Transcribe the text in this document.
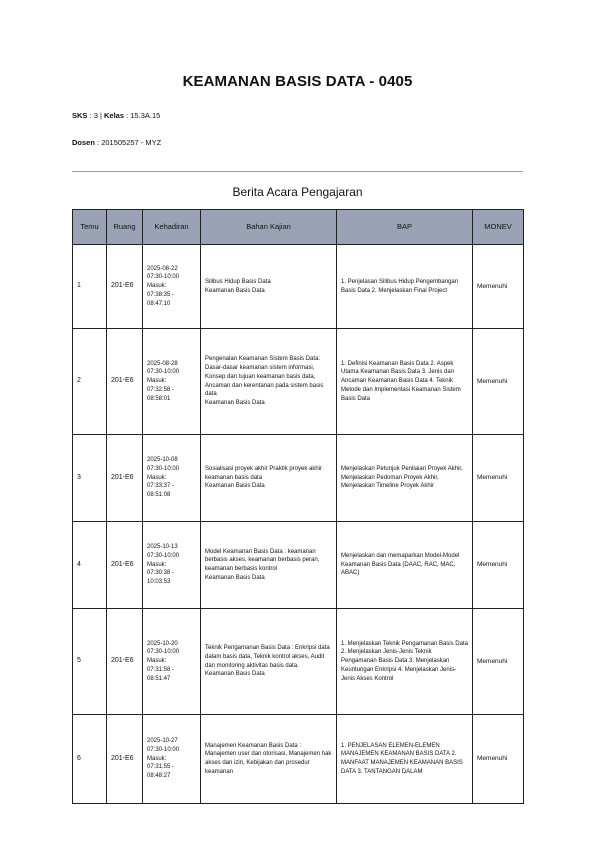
KEAMANAN BASIS DATA - 0405
SKS : 3 | Kelas : 15.3A.15
Dosen : 201505257 - MYZ
Berita Acara Pengajaran
Temu	Ruang	Kehadiran	Bahan Kajian	BAP	MONEV
1	201-E6	2025-08-22
07:30-10:00
Masuk:
07:38:35 -
08:47:10	Silibus Hidup Basis Data
Keamanan Basis Data	1. Penjelasan Silibus Hidup Pengembangan Basis Data 2. Menjelaskan Final Project	Memenuhi
2	201-E6	2025-08-28
07:30-10:00
Masuk:
07:32:58 -
08:58:01	Pengenalan Keamanan Sistem Basis Data: Dasar-dasar keamanan sistem informasi, Konsep dan tujuan keamanan basis data, Ancaman dan kerentanan pada sistem basis data
Keamanan Basis Data	1. Definisi Keamanan Basis Data 2. Aspek Utama Keamanan Basis Data 3. Jenis dan Ancaman Keamanan Basis Data 4. Teknik Metode dan Implementasi Keamanan Sistem Basis Data	Memenuhi
3	201-E6	2025-10-08
07:30-10:00
Masuk:
07:33:37 -
08:51:08	Sosialisasi proyek akhir Praktik proyek akhir keamanan basis data
Keamanan Basis Data	Menjelaskan Petunjuk Penilaian Proyek Akhir, Menjelaskan Pedoman Proyek Akhir, Menjelaskan Timeline Proyek Akhir	Memenuhi
4	201-E6	2025-10-13
07:30-10:00
Masuk:
07:30:38 -
10:03:53	Model Keamanan Basis Data : keamanan berbasis akses, keamanan berbasis peran, keamanan berbasis kontrol
Keamanan Basis Data	Menjelaskan dan memaparkan Model-Model Keamanan Basis Data (DAAC, RAC, MAC, ABAC)	Memenuhi
5	201-E6	2025-10-20
07:30-10:00
Masuk:
07:31:58 -
08:51:47	Teknik Pengamanan Basis Data : Enkripsi data dalam basis data, Teknik kontrol akses, Audit dan monitoring aktivitas basis data.
Keamanan Basis Data	1. Menjelaskan Teknik Pengamanan Basis Data 2. Menjelaskan Jenis-Jenis Teknik Pengamanan Basis Data 3. Menjelaskan Keuntungan Enkripsi 4. Menjelaskan Jenis-Jenis Akses Kontrol	Memenuhi
6	201-E6	2025-10-27
07:30-10:00
Masuk:
07:31:55 -
08:48:27	Manajemen Keamanan Basis Data : Manajemen user dan otorisasi, Manajemen hak akses dan izin, Kebijakan dan prosedur keamanan	1. PENJELASAN ELEMEN-ELEMEN MANAJEMEN KEAMANAN BASIS DATA 2. MANFAAT MANAJEMEN KEAMANAN BASIS DATA 3. TANTANGAN DALAM	Memenuhi
